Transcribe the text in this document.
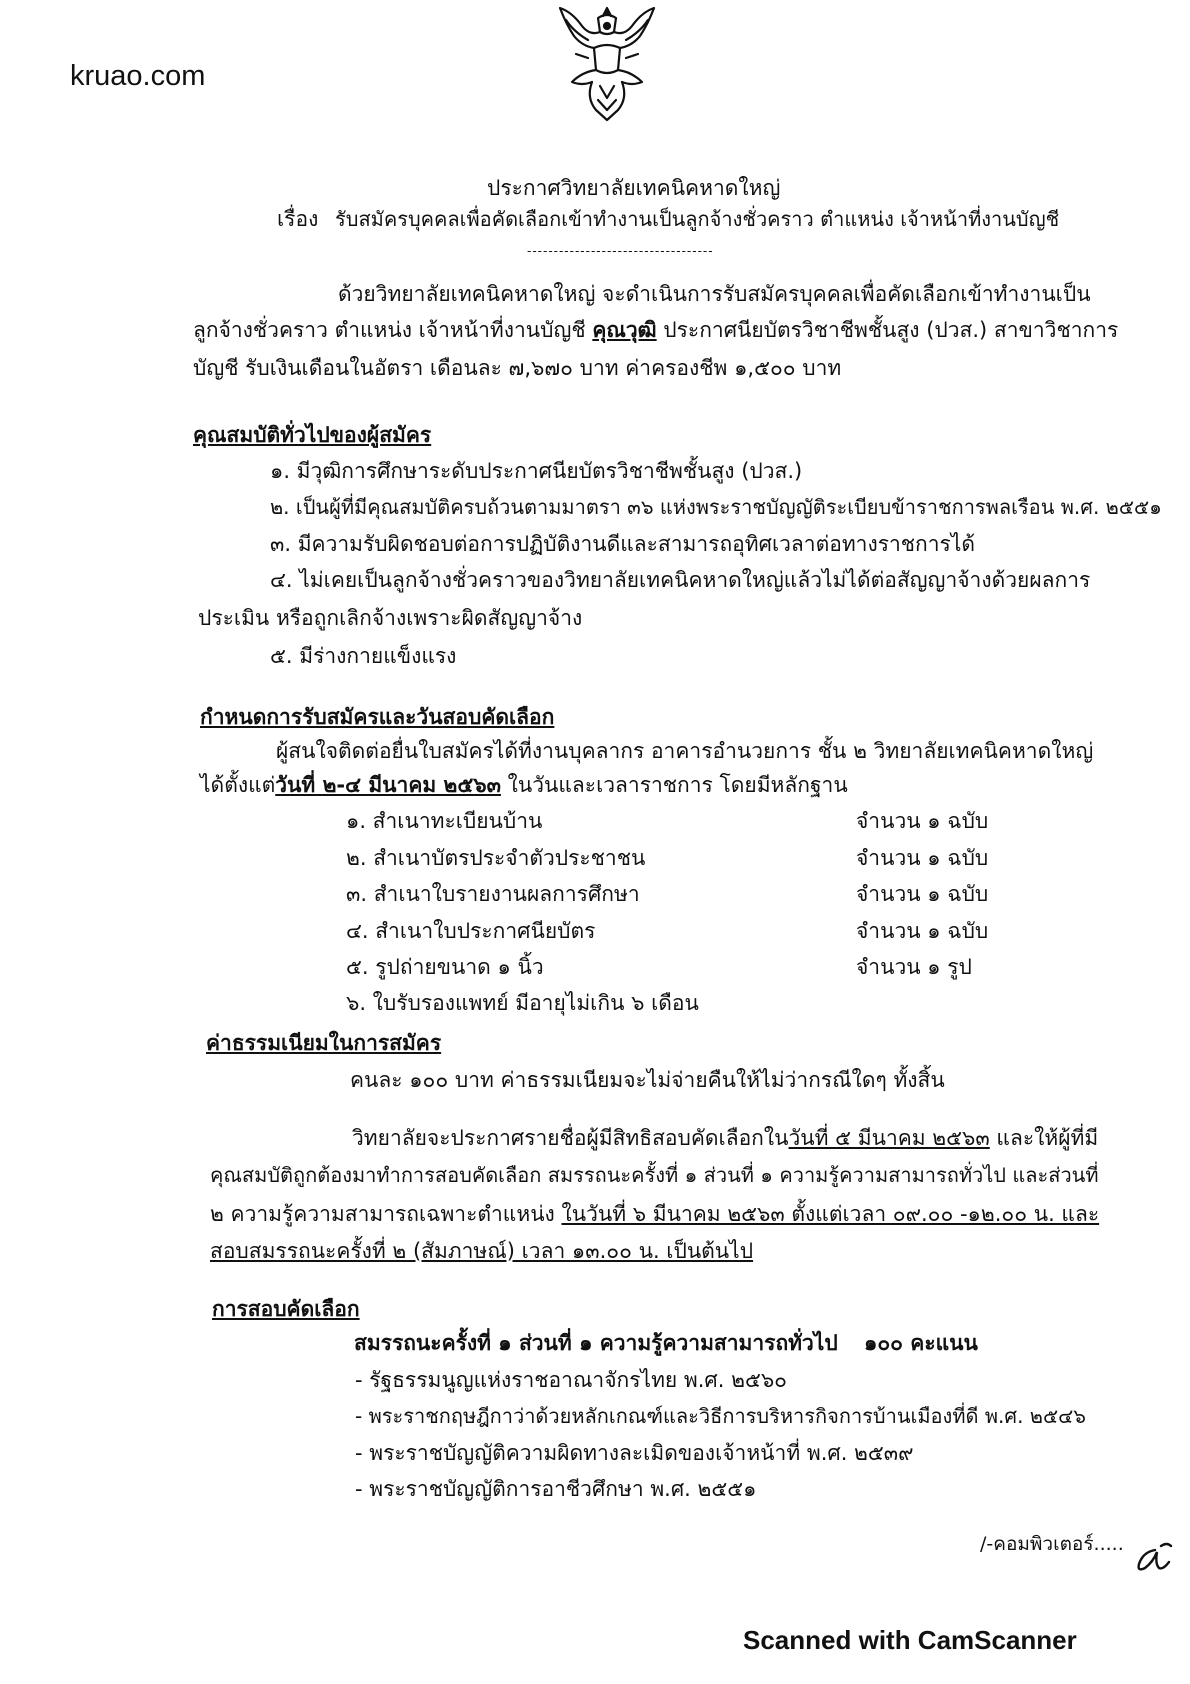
kruao.com
ประกาศวิทยาลัยเทคนิคหาดใหญ่
เรื่อง รับสมัครบุคคลเพื่อคัดเลือกเข้าทำงานเป็นลูกจ้างชั่วคราว ตำแหน่ง เจ้าหน้าที่งานบัญชี
-----------------------------------
ด้วยวิทยาลัยเทคนิคหาดใหญ่ จะดำเนินการรับสมัครบุคคลเพื่อคัดเลือกเข้าทำงานเป็น
ลูกจ้างชั่วคราว ตำแหน่ง เจ้าหน้าที่งานบัญชี คุณวุฒิ ประกาศนียบัตรวิชาชีพชั้นสูง (ปวส.) สาขาวิชาการ
บัญชี รับเงินเดือนในอัตรา เดือนละ ๗,๖๗๐ บาท ค่าครองชีพ ๑,๕๐๐ บาท
คุณสมบัติทั่วไปของผู้สมัคร
๑. มีวุฒิการศึกษาระดับประกาศนียบัตรวิชาชีพชั้นสูง (ปวส.)
๒. เป็นผู้ที่มีคุณสมบัติครบถ้วนตามมาตรา ๓๖ แห่งพระราชบัญญัติระเบียบข้าราชการพลเรือน พ.ศ. ๒๕๕๑
๓. มีความรับผิดชอบต่อการปฏิบัติงานดีและสามารถอุทิศเวลาต่อทางราชการได้
๔. ไม่เคยเป็นลูกจ้างชั่วคราวของวิทยาลัยเทคนิคหาดใหญ่แล้วไม่ได้ต่อสัญญาจ้างด้วยผลการ
ประเมิน หรือถูกเลิกจ้างเพราะผิดสัญญาจ้าง
๕. มีร่างกายแข็งแรง
กำหนดการรับสมัครและวันสอบคัดเลือก
ผู้สนใจติดต่อยื่นใบสมัครได้ที่งานบุคลากร อาคารอำนวยการ ชั้น ๒ วิทยาลัยเทคนิคหาดใหญ่
ได้ตั้งแต่วันที่ ๒-๔ มีนาคม ๒๕๖๓ ในวันและเวลาราชการ โดยมีหลักฐาน
๑. สำเนาทะเบียนบ้าน	จำนวน ๑ ฉบับ
๒. สำเนาบัตรประจำตัวประชาชน	จำนวน ๑ ฉบับ
๓. สำเนาใบรายงานผลการศึกษา	จำนวน ๑ ฉบับ
๔. สำเนาใบประกาศนียบัตร	จำนวน ๑ ฉบับ
๕. รูปถ่ายขนาด ๑ นิ้ว	จำนวน ๑ รูป
๖. ใบรับรองแพทย์ มีอายุไม่เกิน ๖ เดือน
ค่าธรรมเนียมในการสมัคร
คนละ ๑๐๐ บาท ค่าธรรมเนียมจะไม่จ่ายคืนให้ไม่ว่ากรณีใดๆ ทั้งสิ้น
วิทยาลัยจะประกาศรายชื่อผู้มีสิทธิสอบคัดเลือกในวันที่ ๕ มีนาคม ๒๕๖๓ และให้ผู้ที่มี
คุณสมบัติถูกต้องมาทำการสอบคัดเลือก สมรรถนะครั้งที่ ๑ ส่วนที่ ๑ ความรู้ความสามารถทั่วไป และส่วนที่
๒ ความรู้ความสามารถเฉพาะตำแหน่ง ในวันที่ ๖ มีนาคม ๒๕๖๓ ตั้งแต่เวลา ๐๙.๐๐ -๑๒.๐๐ น. และ
สอบสมรรถนะครั้งที่ ๒ (สัมภาษณ์) เวลา ๑๓.๐๐ น. เป็นต้นไป
การสอบคัดเลือก
สมรรถนะครั้งที่ ๑ ส่วนที่ ๑ ความรู้ความสามารถทั่วไป ๑๐๐ คะแนน
- รัฐธรรมนูญแห่งราชอาณาจักรไทย พ.ศ. ๒๕๖๐
- พระราชกฤษฎีกาว่าด้วยหลักเกณฑ์และวิธีการบริหารกิจการบ้านเมืองที่ดี พ.ศ. ๒๕๔๖
- พระราชบัญญัติความผิดทางละเมิดของเจ้าหน้าที่ พ.ศ. ๒๕๓๙
- พระราชบัญญัติการอาชีวศึกษา พ.ศ. ๒๕๕๑
/-คอมพิวเตอร์.....
Scanned with CamScanner
